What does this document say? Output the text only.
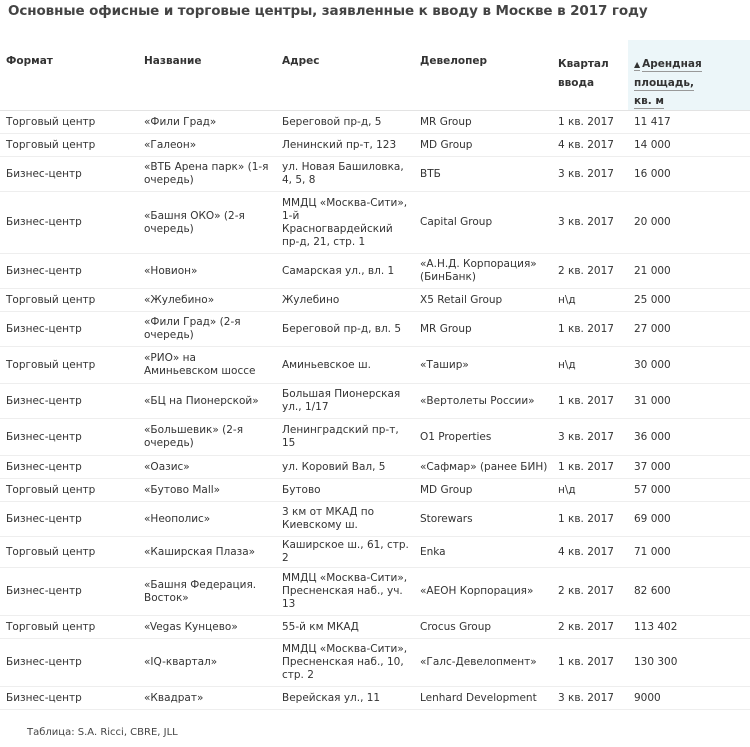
Основные офисные и торговые центры, заявленные к вводу в Москве в 2017 году
Формат	Название	Адрес	Девелопер	Квартал
ввода	▲ Арендная площадь,
кв. м
Торговый центр	«Фили Град»	Береговой пр-д, 5	MR Group	1 кв. 2017	11 417
Торговый центр	«Галеон»	Ленинский пр-т, 123	MD Group	4 кв. 2017	14 000
Бизнес-центр	«ВТБ Арена парк» (1-я очередь)	ул. Новая Башиловка, 4, 5, 8	ВТБ	3 кв. 2017	16 000
Бизнес-центр	«Башня ОКО» (2-я очередь)	ММДЦ «Москва-Сити», 1-й Красногвардейский пр-д, 21, стр. 1	Capital Group	3 кв. 2017	20 000
Бизнес-центр	«Новион»	Самарская ул., вл. 1	«А.Н.Д. Корпорация» (БинБанк)	2 кв. 2017	21 000
Торговый центр	«Жулебино»	Жулебино	X5 Retail Group	н\д	25 000
Бизнес-центр	«Фили Град» (2-я очередь)	Береговой пр-д, вл. 5	MR Group	1 кв. 2017	27 000
Торговый центр	«РИО» на Аминьевском шоссе	Аминьевское ш.	«Ташир»	н\д	30 000
Бизнес-центр	«БЦ на Пионерской»	Большая Пионерская ул., 1/17	«Вертолеты России»	1 кв. 2017	31 000
Бизнес-центр	«Большевик» (2-я очередь)	Ленинградский пр-т, 15	О1 Properties	3 кв. 2017	36 000
Бизнес-центр	«Оазис»	ул. Коровий Вал, 5	«Сафмар» (ранее БИН)	1 кв. 2017	37 000
Торговый центр	«Бутово Mall»	Бутово	MD Group	н\д	57 000
Бизнес-центр	«Неополис»	3 км от МКАД по Киевскому ш.	Storewars	1 кв. 2017	69 000
Торговый центр	«Каширская Плаза»	Каширское ш., 61, стр. 2	Enka	4 кв. 2017	71 000
Бизнес-центр	«Башня Федерация. Восток»	ММДЦ «Москва-Сити», Пресненская наб., уч. 13	«АЕОН Корпорация»	2 кв. 2017	82 600
Торговый центр	«Vegas Кунцево»	55-й км МКАД	Crocus Group	2 кв. 2017	113 402
Бизнес-центр	«IQ-квартал»	ММДЦ «Москва-Сити», Пресненская наб., 10, стр. 2	«Галс-Девелопмент»	1 кв. 2017	130 300
Бизнес-центр	«Квадрат»	Верейская ул., 11	Lenhard Development	3 кв. 2017	9000
Таблица: S.A. Ricci, CBRE, JLL
